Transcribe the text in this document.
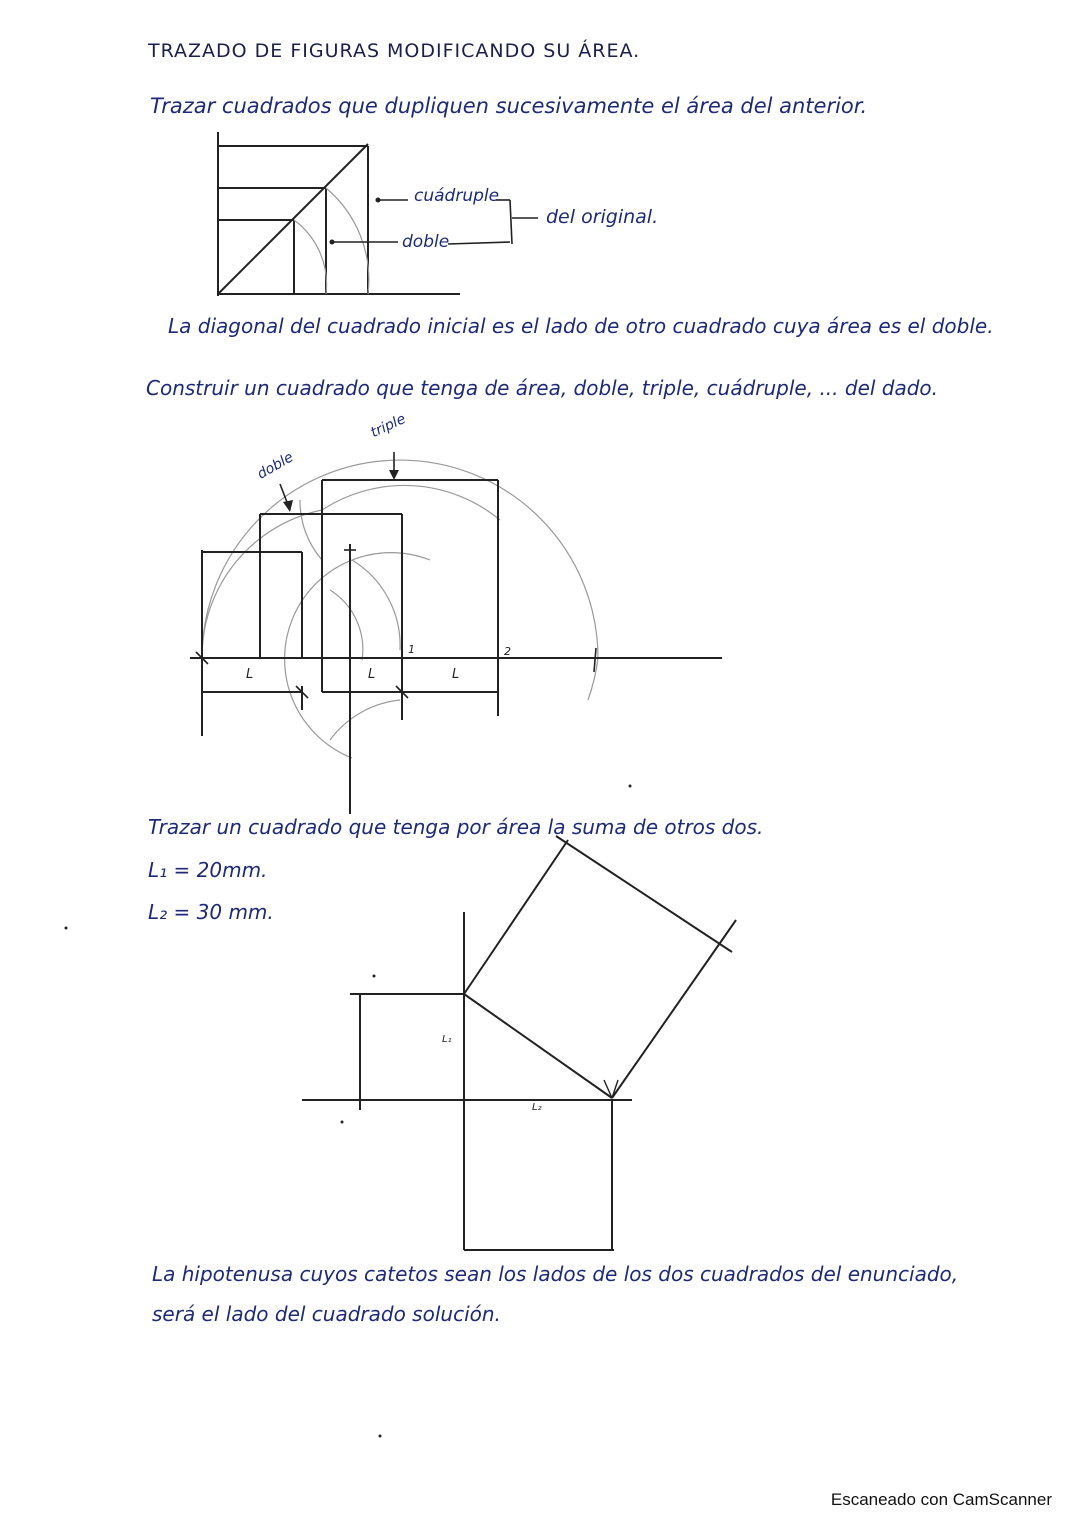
TRAZADO DE FIGURAS MODIFICANDO SU ÁREA.
Trazar cuadrados que dupliquen sucesivamente el área del anterior.
cuádruple
doble
del original.
La diagonal del cuadrado inicial es el lado de otro cuadrado cuya área es el doble.
Construir un cuadrado que tenga de área, doble, triple, cuádruple, ... del dado.
doble
triple
L	L	L
1	2
Trazar un cuadrado que tenga por área la suma de otros dos.
L₁ = 20mm.
L₂ = 30 mm.
L₁
L₂
La hipotenusa cuyos catetos sean los lados de los dos cuadrados del enunciado,
será el lado del cuadrado solución.
Escaneado con CamScanner
